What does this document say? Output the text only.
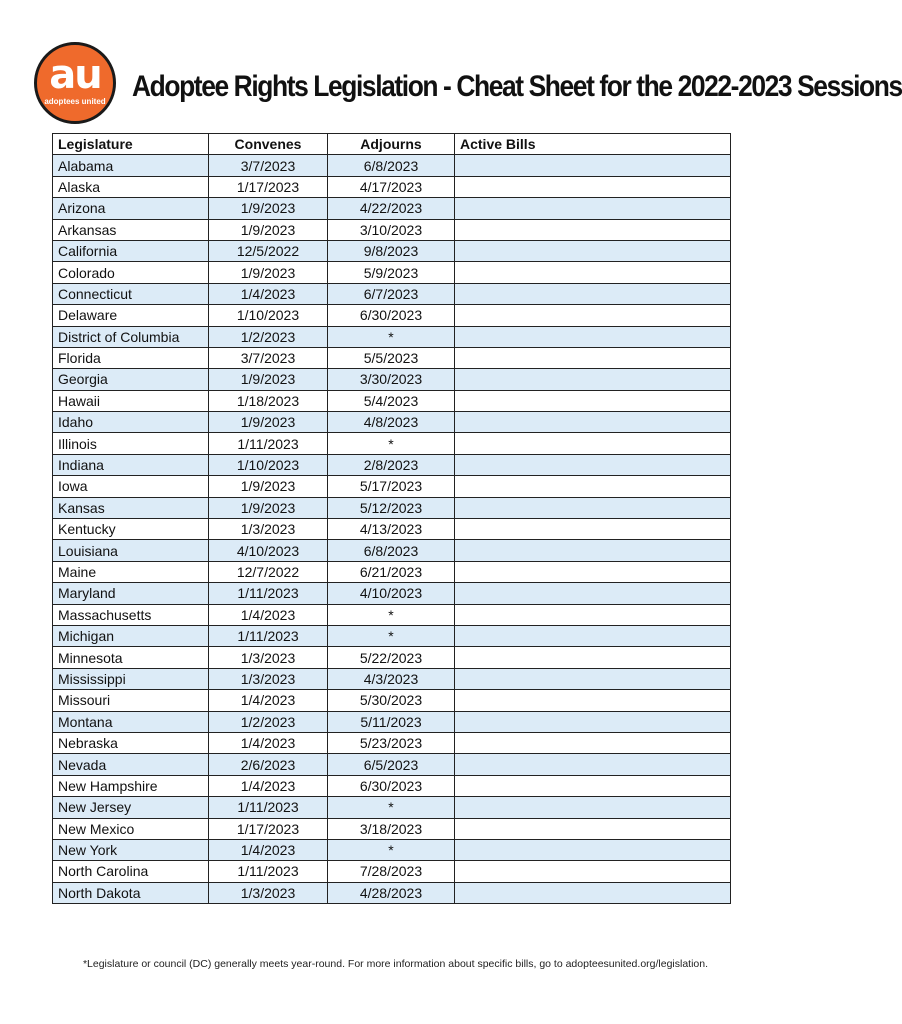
au
adoptees united Adoptee Rights Legislation - Cheat Sheet for the 2022-2023 Sessions
Legislature	Convenes	Adjourns	Active Bills
Alabama	3/7/2023	6/8/2023	
Alaska	1/17/2023	4/17/2023	
Arizona	1/9/2023	4/22/2023	
Arkansas	1/9/2023	3/10/2023	
California	12/5/2022	9/8/2023	
Colorado	1/9/2023	5/9/2023	
Connecticut	1/4/2023	6/7/2023	
Delaware	1/10/2023	6/30/2023	
District of Columbia	1/2/2023	*	
Florida	3/7/2023	5/5/2023	
Georgia	1/9/2023	3/30/2023	
Hawaii	1/18/2023	5/4/2023	
Idaho	1/9/2023	4/8/2023	
Illinois	1/11/2023	*	
Indiana	1/10/2023	2/8/2023	
Iowa	1/9/2023	5/17/2023	
Kansas	1/9/2023	5/12/2023	
Kentucky	1/3/2023	4/13/2023	
Louisiana	4/10/2023	6/8/2023	
Maine	12/7/2022	6/21/2023	
Maryland	1/11/2023	4/10/2023	
Massachusetts	1/4/2023	*	
Michigan	1/11/2023	*	
Minnesota	1/3/2023	5/22/2023	
Mississippi	1/3/2023	4/3/2023	
Missouri	1/4/2023	5/30/2023	
Montana	1/2/2023	5/11/2023	
Nebraska	1/4/2023	5/23/2023	
Nevada	2/6/2023	6/5/2023	
New Hampshire	1/4/2023	6/30/2023	
New Jersey	1/11/2023	*	
New Mexico	1/17/2023	3/18/2023	
New York	1/4/2023	*	
North Carolina	1/11/2023	7/28/2023	
North Dakota	1/3/2023	4/28/2023	
*Legislature or council (DC) generally meets year-round. For more information about specific bills, go to adopteesunited.org/legislation.
